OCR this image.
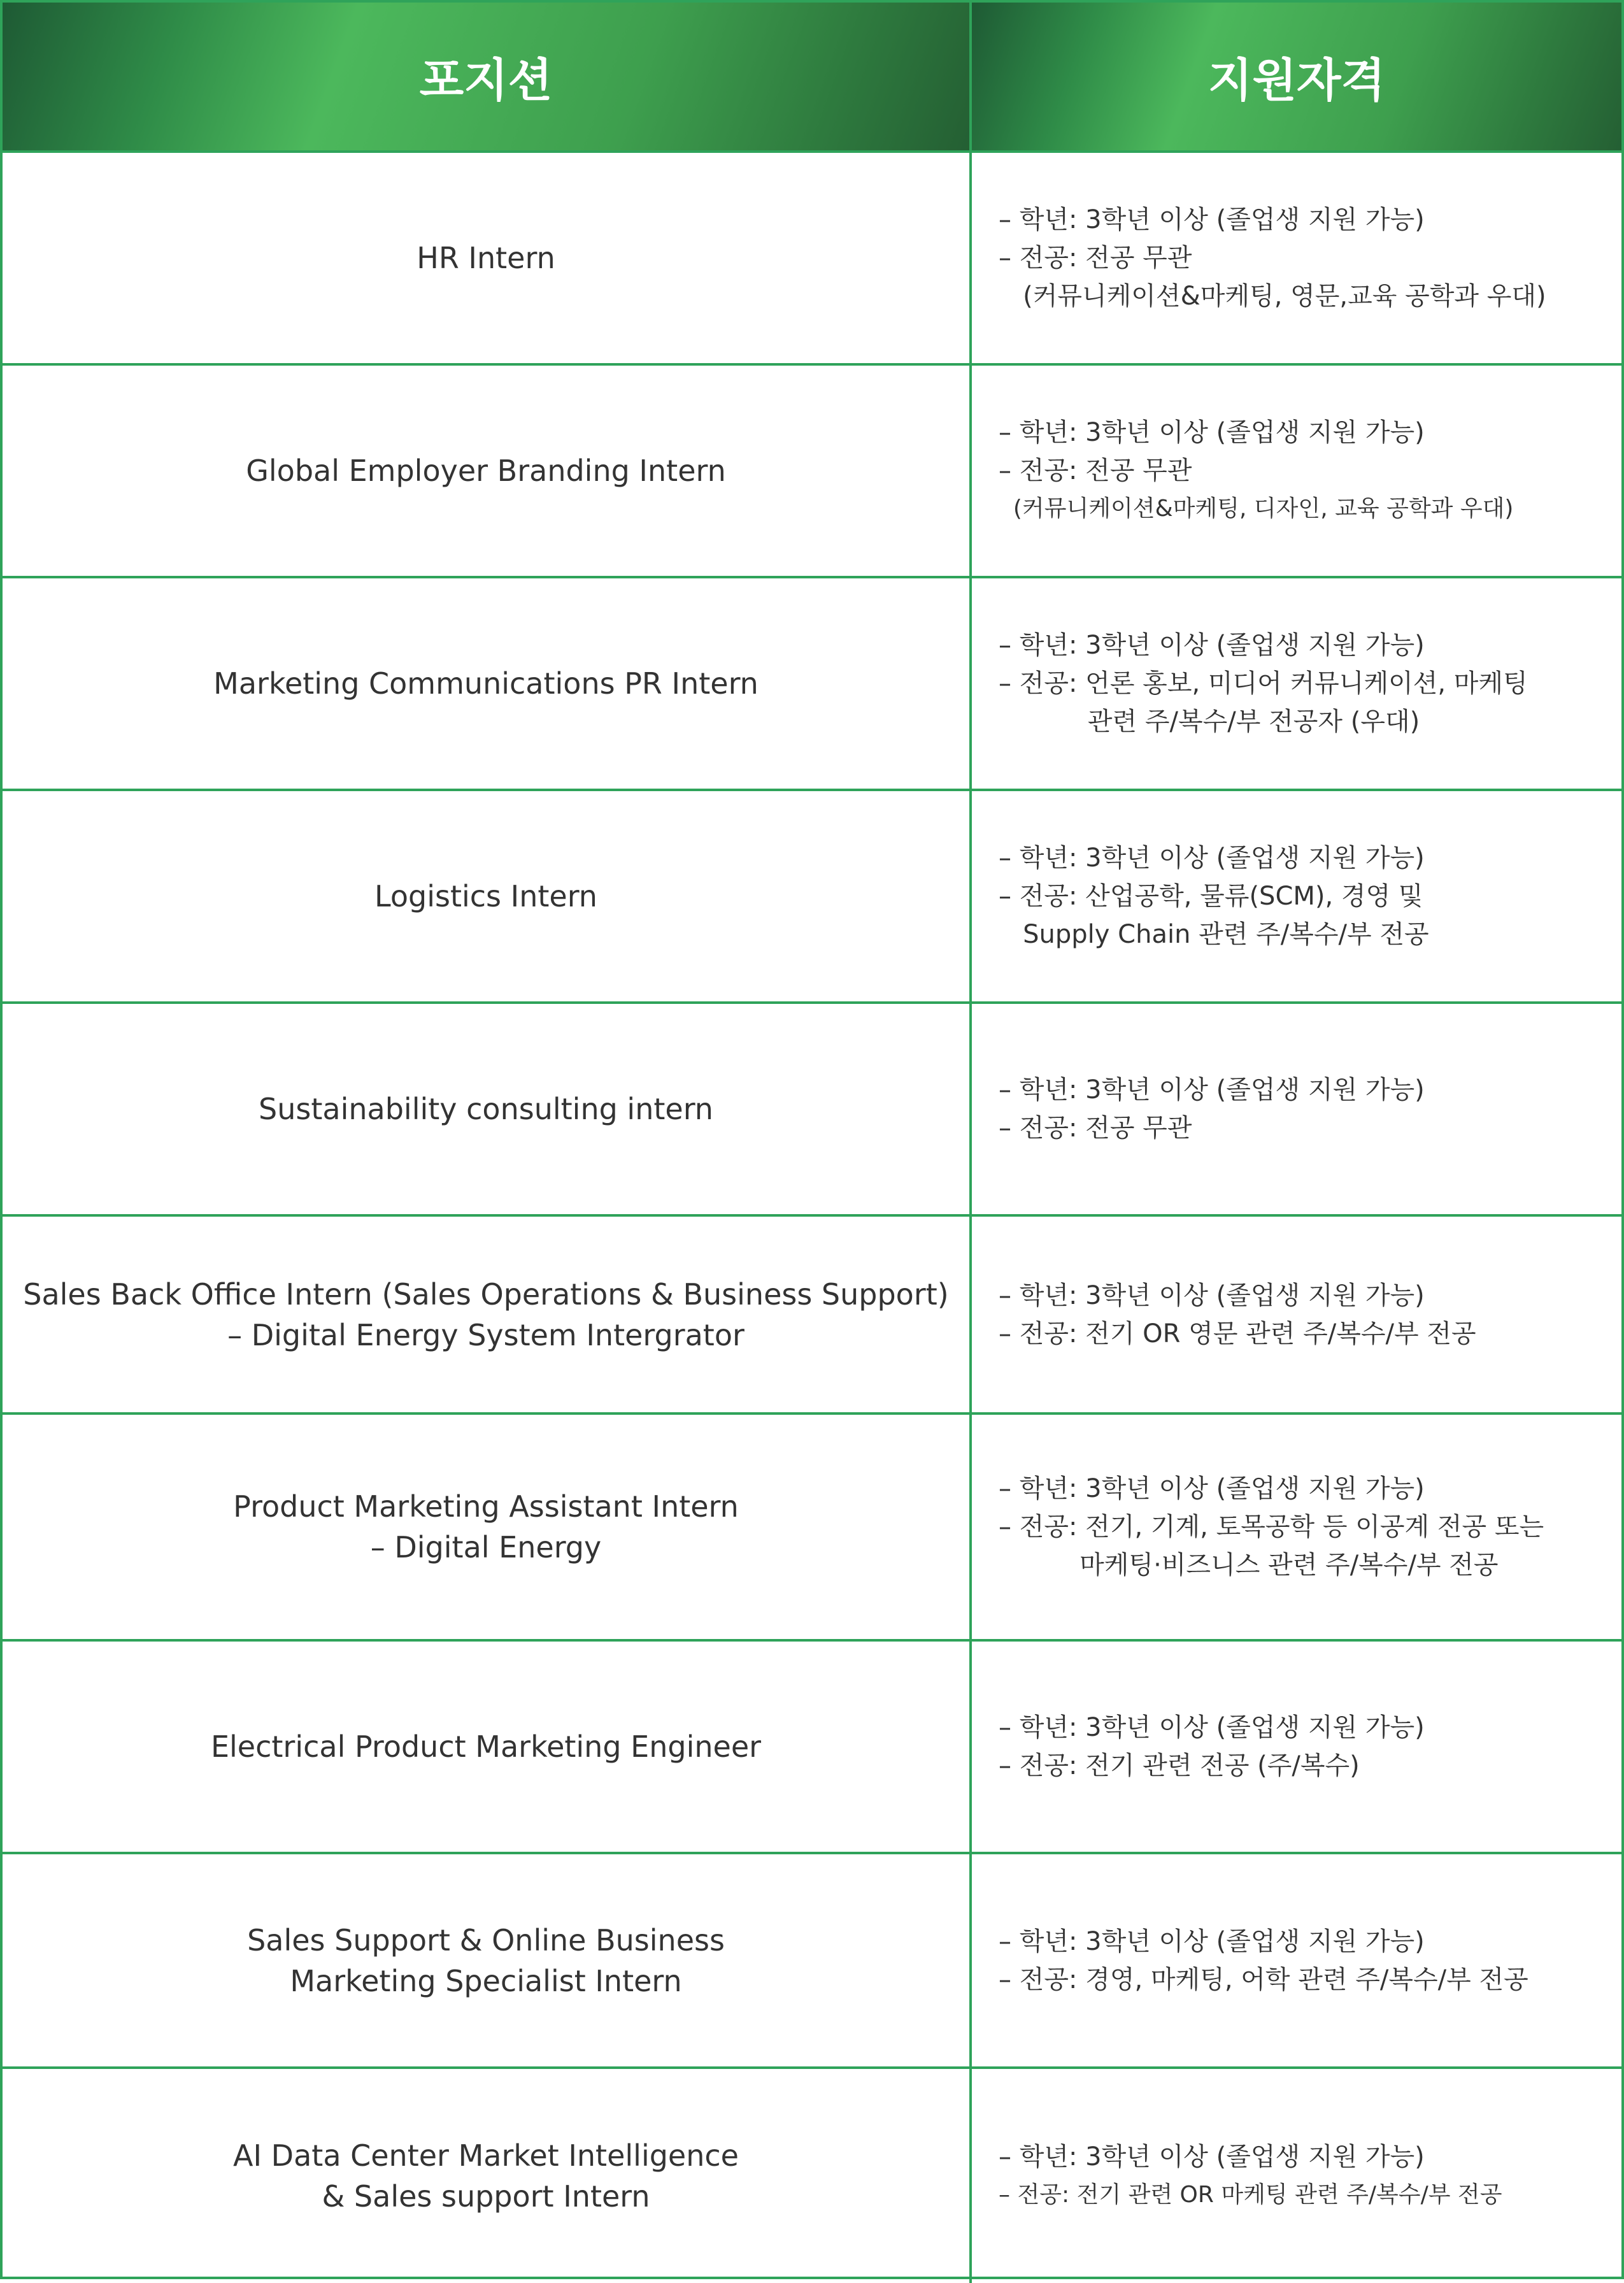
포지션	지원자격
HR Intern
– 학년: 3학년 이상 (졸업생 지원 가능)
– 전공: 전공 무관
(커뮤니케이션&마케팅, 영문,교육 공학과 우대)
Global Employer Branding Intern
– 학년: 3학년 이상 (졸업생 지원 가능)
– 전공: 전공 무관
(커뮤니케이션&마케팅, 디자인, 교육 공학과 우대)
Marketing Communications PR Intern
– 학년: 3학년 이상 (졸업생 지원 가능)
– 전공: 언론 홍보, 미디어 커뮤니케이션, 마케팅
관련 주/복수/부 전공자 (우대)
Logistics Intern
– 학년: 3학년 이상 (졸업생 지원 가능)
– 전공: 산업공학, 물류(SCM), 경영 및
Supply Chain 관련 주/복수/부 전공
Sustainability consulting intern
– 학년: 3학년 이상 (졸업생 지원 가능)
– 전공: 전공 무관
Sales Back Office Intern (Sales Operations & Business Support)
– Digital Energy System Intergrator
– 학년: 3학년 이상 (졸업생 지원 가능)
– 전공: 전기 OR 영문 관련 주/복수/부 전공
Product Marketing Assistant Intern
– Digital Energy
– 학년: 3학년 이상 (졸업생 지원 가능)
– 전공: 전기, 기계, 토목공학 등 이공계 전공 또는
마케팅·비즈니스 관련 주/복수/부 전공
Electrical Product Marketing Engineer
– 학년: 3학년 이상 (졸업생 지원 가능)
– 전공: 전기 관련 전공 (주/복수)
Sales Support & Online Business
Marketing Specialist Intern
– 학년: 3학년 이상 (졸업생 지원 가능)
– 전공: 경영, 마케팅, 어학 관련 주/복수/부 전공
AI Data Center Market Intelligence
& Sales support Intern
– 학년: 3학년 이상 (졸업생 지원 가능)
– 전공: 전기 관련 OR 마케팅 관련 주/복수/부 전공
